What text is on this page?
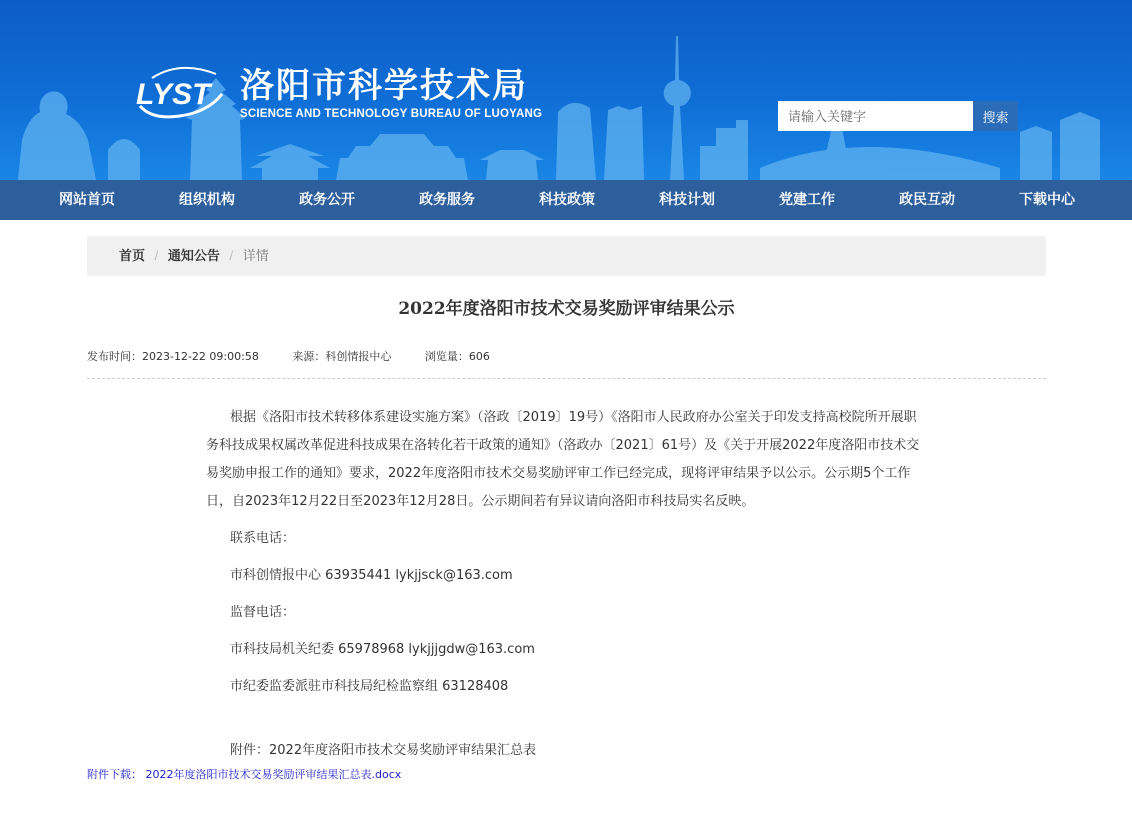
LYST 洛阳市科学技术局
SCIENCE AND TECHNOLOGY BUREAU OF LUOYANG
请输入关键字	搜索
网站首页	组织机构	政务公开	政务服务	科技政策	科技计划	党建工作	政民互动	下载中心
首页 / 通知公告 / 详情
2022年度洛阳市技术交易奖励评审结果公示
发布时间：2023-12-22 09:00:58	来源：科创情报中心	浏览量：606

根据《洛阳市技术转移体系建设实施方案》（洛政〔2019〕19号）《洛阳市人民政府办公室关于印发支持高校院所开展职务科技成果权属改革促进科技成果在洛转化若干政策的通知》（洛政办〔2021〕61号）及《关于开展2022年度洛阳市技术交易奖励申报工作的通知》要求，2022年度洛阳市技术交易奖励评审工作已经完成，现将评审结果予以公示。公示期5个工作日，自2023年12月22日至2023年12月28日。公示期间若有异议请向洛阳市科技局实名反映。

联系电话：

市科创情报中心 63935441 lykjjsck@163.com

监督电话：

市科技局机关纪委 65978968 lykjjjgdw@163.com

市纪委监委派驻市科技局纪检监察组 63128408

附件：2022年度洛阳市技术交易奖励评审结果汇总表

附件下载： 2022年度洛阳市技术交易奖励评审结果汇总表.docx
